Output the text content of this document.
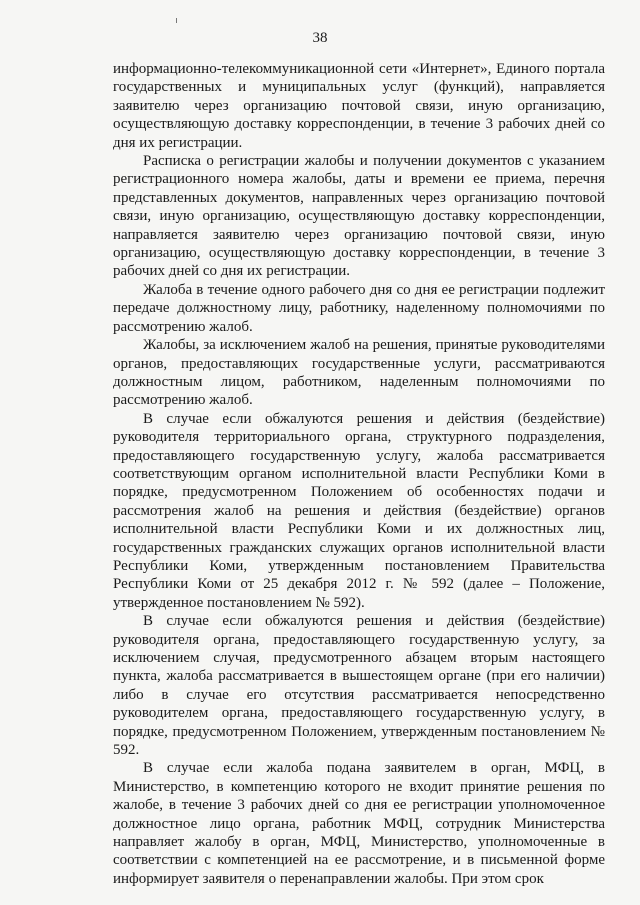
38

информационно-телекоммуникационной сети «Интернет», Единого портала государственных и муниципальных услуг (функций), направляется заявителю через организацию почтовой связи, иную организацию, осуществляющую доставку корреспонденции, в течение 3 рабочих дней со дня их регистрации.

Расписка о регистрации жалобы и получении документов с указанием регистрационного номера жалобы, даты и времени ее приема, перечня представленных документов, направленных через организацию почтовой связи, иную организацию, осуществляющую доставку корреспонденции, направляется заявителю через организацию почтовой связи, иную организацию, осуществляющую доставку корреспонденции, в течение 3 рабочих дней со дня их регистрации.

Жалоба в течение одного рабочего дня со дня ее регистрации подлежит передаче должностному лицу, работнику, наделенному полномочиями по рассмотрению жалоб.

Жалобы, за исключением жалоб на решения, принятые руководителями органов, предоставляющих государственные услуги, рассматриваются должностным лицом, работником, наделенным полномочиями по рассмотрению жалоб.

В случае если обжалуются решения и действия (бездействие) руководителя территориального органа, структурного подразделения, предоставляющего государственную услугу, жалоба рассматривается соответствующим органом исполнительной власти Республики Коми в порядке, предусмотренном Положением об особенностях подачи и рассмотрения жалоб на решения и действия (бездействие) органов исполнительной власти Республики Коми и их должностных лиц, государственных гражданских служащих органов исполнительной власти Республики Коми, утвержденным постановлением Правительства Республики Коми от 25 декабря 2012 г. № 592 (далее – Положение, утвержденное постановлением № 592).

В случае если обжалуются решения и действия (бездействие) руководителя органа, предоставляющего государственную услугу, за исключением случая, предусмотренного абзацем вторым настоящего пункта, жалоба рассматривается в вышестоящем органе (при его наличии) либо в случае его отсутствия рассматривается непосредственно руководителем органа, предоставляющего государственную услугу, в порядке, предусмотренном Положением, утвержденным постановлением № 592.

В случае если жалоба подана заявителем в орган, МФЦ, в Министерство, в компетенцию которого не входит принятие решения по жалобе, в течение 3 рабочих дней со дня ее регистрации уполномоченное должностное лицо органа, работник МФЦ, сотрудник Министерства направляет жалобу в орган, МФЦ, Министерство, уполномоченные в соответствии с компетенцией на ее рассмотрение, и в письменной форме информирует заявителя о перенаправлении жалобы. При этом срок
